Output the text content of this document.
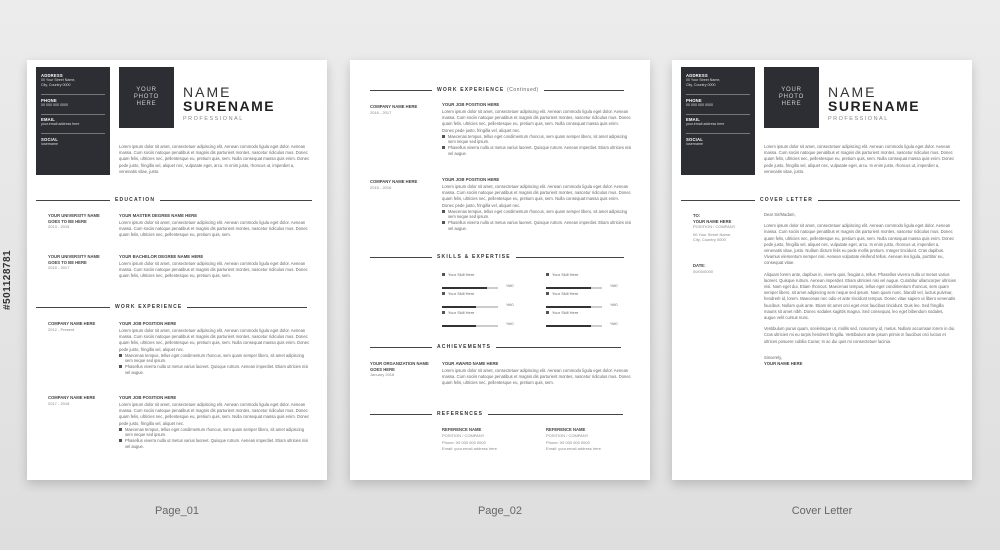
ADDRESS
00 Your Street Name,
City, Country 0000
PHONE
00 000 000 0000
EMAIL
your.email address here
SOCIAL
/username
YOUR
PHOTO
HERE
NAME
SURENAME
PROFESSIONAL

Lorem ipsum dolor sit amet, consectetuer adipiscing elit. Aenean commodo ligula eget dolor. Aenean massa. Cum sociis natoque penatibus et magnis dis parturient montes, nascetur ridiculus mus. Donec quam felis, ultricies nec, pellentesque eu, pretium quis, sem. Nulla consequat massa quis enim. Donec pede justo, fringilla vel, aliquet nec, vulputate eget, arcu. In enim justo, rhoncus ut, imperdiet a, venenatis vitae, justo.

EDUCATION
YOUR UNIVERSITY NAME GOES TO BE HERE
2013 - 2015
YOUR MASTER DEGREE NAME HERE

Lorem ipsum dolor sit amet, consectetuer adipiscing elit. Aenean commodo ligula eget dolor. Aenean massa. Cum sociis natoque penatibus et magnis dis parturient montes, nascetur ridiculus mus. Donec quam felis, ultricies nec, pellentesque eu, pretium quis, sem.

YOUR UNIVERSITY NAME GOES TO BE HERE
2015 - 2017
YOUR BACHELOR DEGREE NAME HERE

Lorem ipsum dolor sit amet, consectetuer adipiscing elit. Aenean commodo ligula eget dolor. Aenean massa. Cum sociis natoque penatibus et magnis dis parturient montes, nascetur ridiculus mus. Donec quam felis, ultricies nec, pellentesque eu, pretium quis, sem.

WORK EXPERIENCE
COMPANY NAME HERE
2012 - Present
YOUR JOB POSITION HERE

Lorem ipsum dolor sit amet, consectetuer adipiscing elit. Aenean commodo ligula eget dolor. Aenean massa. Cum sociis natoque penatibus et magnis dis parturient montes, nascetur ridiculus mus. Donec quam felis, ultricies nec, pellentesque eu, pretium quis, sem. Nulla consequat massa quis enim. Donec pede justo, fringilla vel, aliquet nec.

Maecenas tempus, tellus eget condimentum rhoncus, sem quam semper libero, sit amet adipiscing sem neque sed ipsum.
Phasellus viverra nulla ut metus varius laoreet. Quisque rutrum. Aenean imperdiet. Etiam ultricies nisi vel augue.
COMPANY NAME HERE
2017 - 2018
YOUR JOB POSITION HERE

Lorem ipsum dolor sit amet, consectetuer adipiscing elit. Aenean commodo ligula eget dolor. Aenean massa. Cum sociis natoque penatibus et magnis dis parturient montes, nascetur ridiculus mus. Donec quam felis, ultricies nec, pellentesque eu, pretium quis, sem. Nulla consequat massa quis enim. Donec pede justo, fringilla vel, aliquet nec.

Maecenas tempus, tellus eget condimentum rhoncus, sem quam semper libero, sit amet adipiscing sem neque sed ipsum.
Phasellus viverra nulla ut metus varius laoreet. Quisque rutrum. Aenean imperdiet. Etiam ultricies nisi vel augue.
WORK EXPERIENCE (Continued)
COMPANY NAME HERE
2016 - 2017
YOUR JOB POSITION HERE

Lorem ipsum dolor sit amet, consectetuer adipiscing elit. Aenean commodo ligula eget dolor. Aenean massa. Cum sociis natoque penatibus et magnis dis parturient montes, nascetur ridiculus mus. Donec quam felis, ultricies nec, pellentesque eu, pretium quis, sem. Nulla consequat massa quis enim. Donec pede justo, fringilla vel, aliquet nec.

Maecenas tempus, tellus eget condimentum rhoncus, sem quam semper libero, sit amet adipiscing sem neque sed ipsum.
Phasellus viverra nulla ut metus varius laoreet. Quisque rutrum. Aenean imperdiet. Etiam ultricies nisi vel augue.
COMPANY NAME HERE
2015 - 2016
YOUR JOB POSITION HERE

Lorem ipsum dolor sit amet, consectetuer adipiscing elit. Aenean commodo ligula eget dolor. Aenean massa. Cum sociis natoque penatibus et magnis dis parturient montes, nascetur ridiculus mus. Donec quam felis, ultricies nec, pellentesque eu, pretium quis, sem. Nulla consequat massa quis enim. Donec pede justo, fringilla vel, aliquet nec.

Maecenas tempus, tellus eget condimentum rhoncus, sem quam semper libero, sit amet adipiscing sem neque sed ipsum.
Phasellus viverra nulla ut metus varius laoreet. Quisque rutrum. Aenean imperdiet. Etiam ultricies nisi vel augue.
SKILLS & EXPERTISE
Your Skill Here
%80
Your Skill Here
%80
Your Skill Here
%60
Your Skill Here
%80
Your Skill Here
%60
Your Skill Here
%80
ACHIEVEMENTS
YOUR ORGANIZATION NAME GOES HERE
January 2018
YOUR AWARD NAME HERE

Lorem ipsum dolor sit amet, consectetuer adipiscing elit. Aenean commodo ligula eget dolor. Aenean massa. Cum sociis natoque penatibus et magnis dis parturient montes, nascetur ridiculus mus. Donec quam felis, ultricies nec, pellentesque eu, pretium quis, sem.

REFERENCES
REFERENCE NAME
POSITION / COMPANY
Phone: 00 000 000 0000
Email: your.email address here
REFERENCE NAME
POSITION / COMPANY
Phone: 00 000 000 0000
Email: your.email address here
ADDRESS
00 Your Street Name,
City, Country 0000
PHONE
00 000 000 0000
EMAIL
your.email address here
SOCIAL
/username
YOUR
PHOTO
HERE
NAME
SURENAME
PROFESSIONAL

Lorem ipsum dolor sit amet, consectetuer adipiscing elit. Aenean commodo ligula eget dolor. Aenean massa. Cum sociis natoque penatibus et magnis dis parturient montes, nascetur ridiculus mus. Donec quam felis, ultricies nec, pellentesque eu, pretium quis, sem. Nulla consequat massa quis enim. Donec pede justo, fringilla vel, aliquet nec, vulputate eget, arcu. In enim justo, rhoncus ut, imperdiet a, venenatis vitae, justo.

COVER LETTER
TO:
YOUR NAME HERE
POSITION / COMPANY
00 Your Street Name,
City, Country 0000
DATE:
00/00/0000

Dear Sir/Madam,

Lorem ipsum dolor sit amet, consectetuer adipiscing elit. Aenean commodo ligula eget dolor. Aenean massa. Cum sociis natoque penatibus et magnis dis parturient montes, nascetur ridiculus mus. Donec quam felis, ultricies nec, pellentesque eu, pretium quis, sem. Nulla consequat massa quis enim. Donec pede justo, fringilla vel, aliquet nec, vulputate eget, arcu. In enim justo, rhoncus ut, imperdiet a, venenatis vitae, justo. Nullam dictum felis eu pede mollis pretium. Integer tincidunt. Cras dapibus. Vivamus elementum semper nisi. Aenean vulputate eleifend tellus. Aenean leo ligula, porttitor eu, consequat vitae.

Aliquam lorem ante, dapibus in, viverra quis, feugiat a, tellus. Phasellus viverra nulla ut metus varius laoreet. Quisque rutrum. Aenean imperdiet. Etiam ultricies nisi vel augue. Curabitur ullamcorper ultricies nisi. Nam eget dui. Etiam rhoncus. Maecenas tempus, tellus eget condimentum rhoncus, sem quam semper libero, sit amet adipiscing sem neque sed ipsum. Nam quam nunc, blandit vel, luctus pulvinar, hendrerit id, lorem. Maecenas nec odio et ante tincidunt tempus. Donec vitae sapien ut libero venenatis faucibus. Nullam quis ante. Etiam sit amet orci eget eros faucibus tincidunt. Duis leo. Sed fringilla mauris sit amet nibh. Donec sodales sagittis magna. Sed consequat, leo eget bibendum sodales, augue velit cursus nunc.

Vestibulum purus quam, scelerisque ut, mollis sed, nonummy id, metus. Nullam accumsan lorem in dui. Cras ultricies mi eu turpis hendrerit fringilla. Vestibulum ante ipsum primis in faucibus orci luctus et ultrices posuere cubilia Curae; In ac dui quis mi consectetuer lacinia.

Sincerely,

YOUR NAME HERE
Page_01	Page_02	Cover Letter
#501128781
